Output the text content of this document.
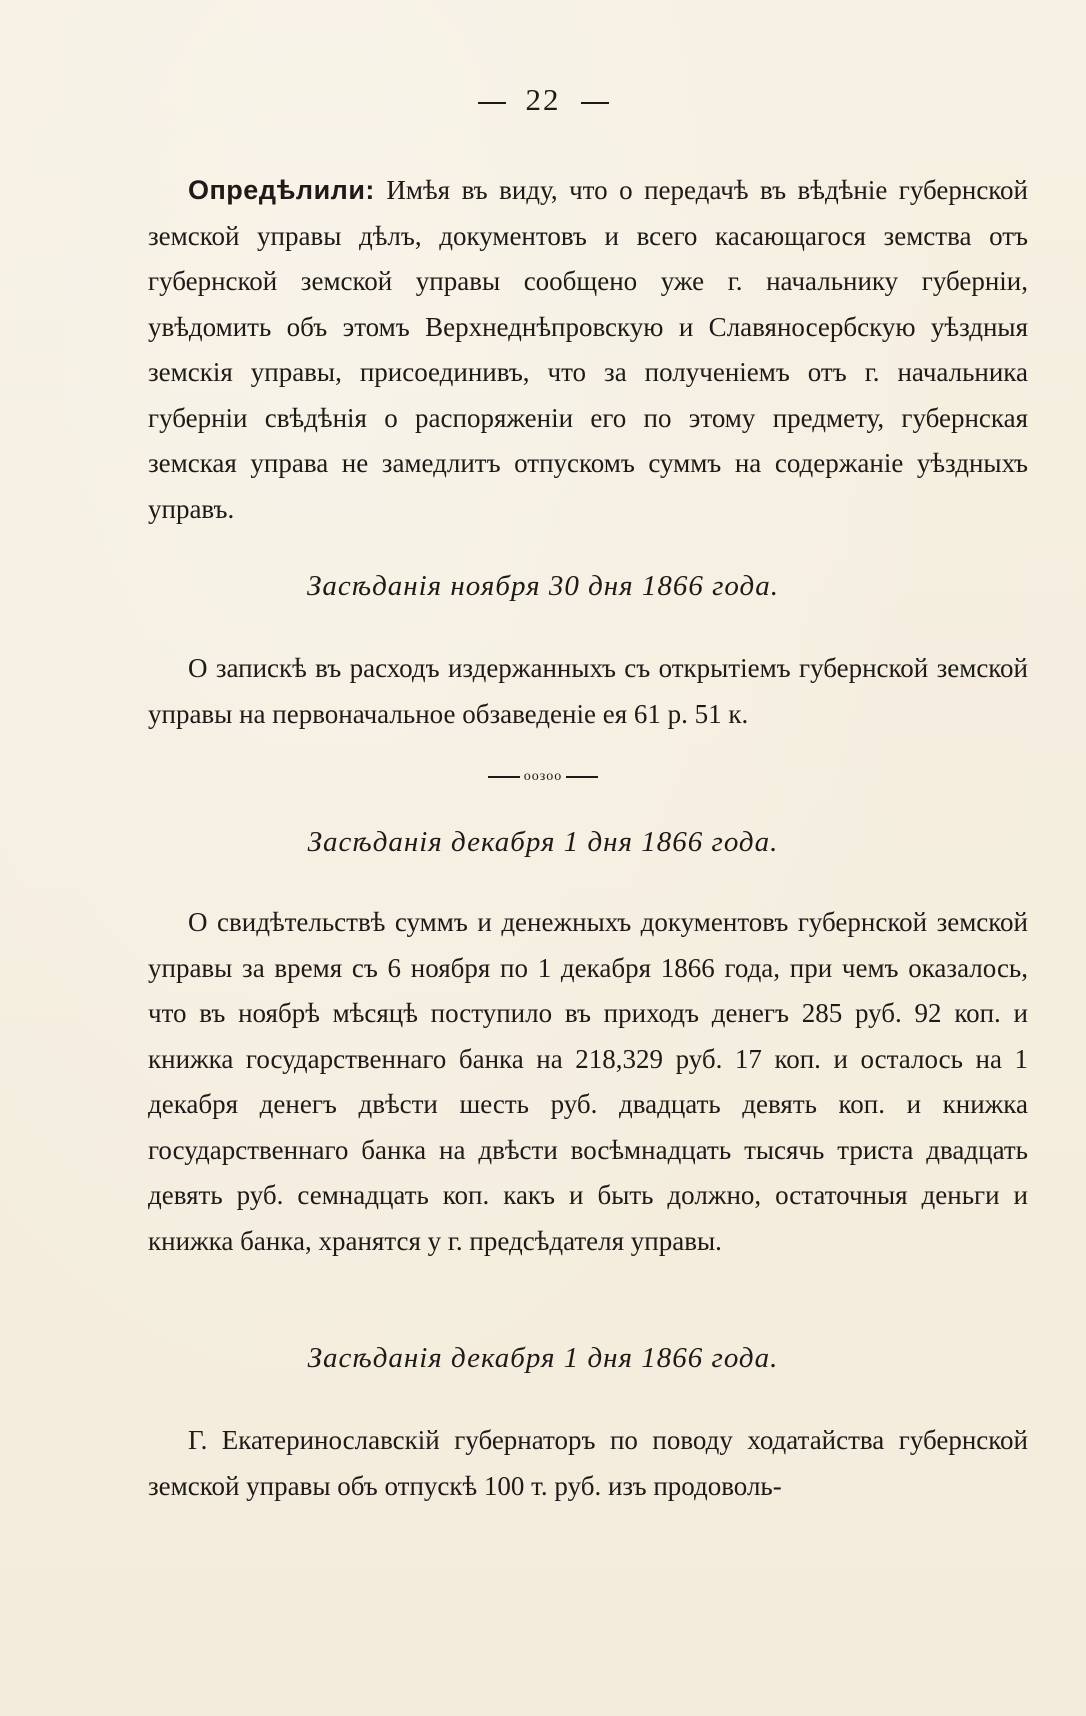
22

Опредѣлили: Имѣя въ виду, что о передачѣ въ вѣдѣніе губернской земской управы дѣлъ, документовъ и всего касающагося земства отъ губернской земской управы сообщено уже г. начальнику губерніи, увѣдомить объ этомъ Верхнеднѣпровскую и Славяносербскую уѣздныя земскія управы, присоединивъ, что за полученіемъ отъ г. начальника губерніи свѣдѣнія о распоряженіи его по этому предмету, губернская земская управа не замедлитъ отпускомъ суммъ на содержаніе уѣздныхъ управъ.

Засѣданія ноября 30 дня 1866 года.

О запискѣ въ расходъ издержанныхъ съ открытіемъ губернской земской управы на первоначальное обзаведеніе ея 61 р. 51 к.

ooзoo
Засѣданія декабря 1 дня 1866 года.

О свидѣтельствѣ суммъ и денежныхъ документовъ губернской земской управы за время съ 6 ноября по 1 декабря 1866 года, при чемъ оказалось, что въ ноябрѣ мѣсяцѣ поступило въ приходъ денегъ 285 руб. 92 коп. и книжка государственнаго банка на 218,329 руб. 17 коп. и осталось на 1 декабря денегъ двѣсти шесть руб. двадцать девять коп. и книжка государственнаго банка на двѣсти восѣмнадцать тысячь триста двадцать девять руб. семнадцать коп. какъ и быть должно, остаточныя деньги и книжка банка, хранятся у г. предсѣдателя управы.

Засѣданія декабря 1 дня 1866 года.

Г. Екатеринославскій губернаторъ по поводу ходатайства губернской земской управы объ отпускѣ 100 т. руб. изъ продоволь-
